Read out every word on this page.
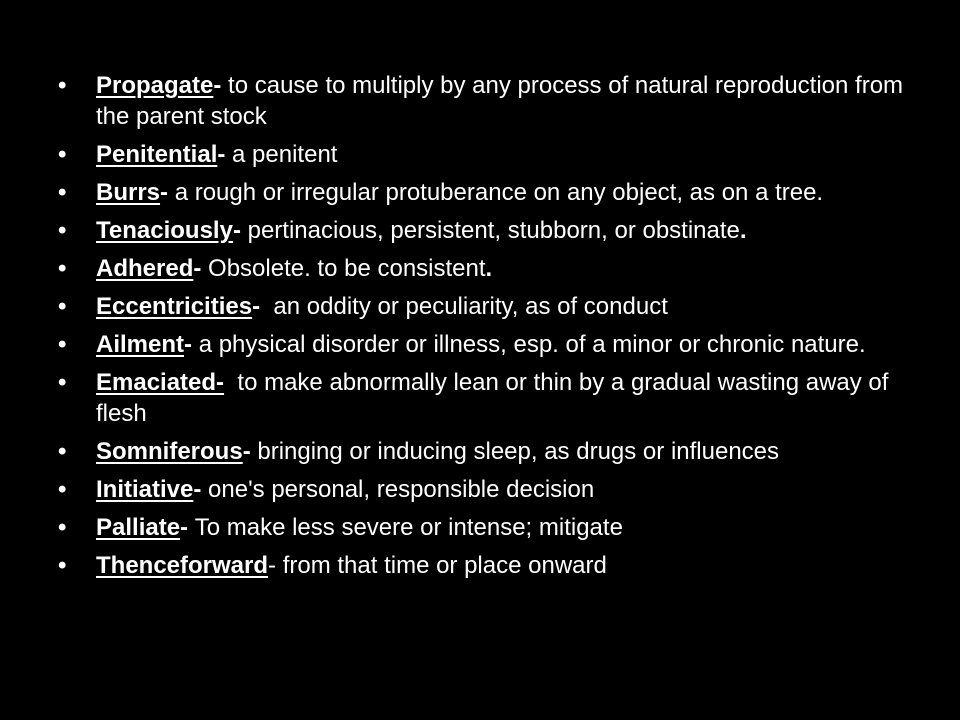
• Propagate- to cause to multiply by any process of natural reproduction from the parent stock
• Penitential- a penitent
• Burrs- a rough or irregular protuberance on any object, as on a tree.
• Tenaciously- pertinacious, persistent, stubborn, or obstinate.
• Adhered- Obsolete. to be consistent.
• Eccentricities-  an oddity or peculiarity, as of conduct
• Ailment- a physical disorder or illness, esp. of a minor or chronic nature.
• Emaciated- to make abnormally lean or thin by a gradual wasting away of flesh
• Somniferous- bringing or inducing sleep, as drugs or influences
• Initiative- one's personal, responsible decision
• Palliate- To make less severe or intense; mitigate
• Thenceforward- from that time or place onward
